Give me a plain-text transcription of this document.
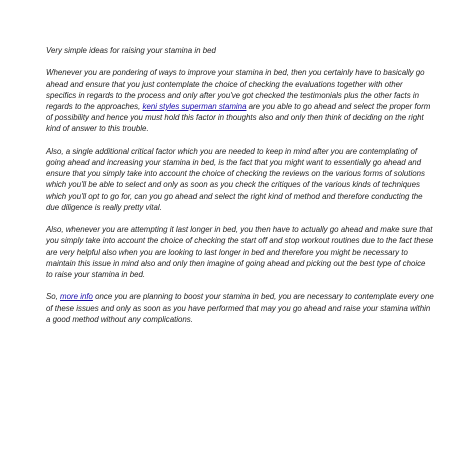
Very simple ideas for raising your stamina in bed

Whenever you are pondering of ways to improve your stamina in bed, then you certainly have to basically go ahead and ensure that you just contemplate the choice of checking the evaluations together with other specifics in regards to the process and only after you've got checked the testimonials plus the other facts in regards to the approaches, keni styles superman stamina are you able to go ahead and select the proper form of possibility and hence you must hold this factor in thoughts also and only then think of deciding on the right kind of answer to this trouble.

Also, a single additional critical factor which you are needed to keep in mind after you are contemplating of going ahead and increasing your stamina in bed, is the fact that you might want to essentially go ahead and ensure that you simply take into account the choice of checking the reviews on the various forms of solutions which you'll be able to select and only as soon as you check the critiques of the various kinds of techniques which you'll opt to go for, can you go ahead and select the right kind of method and therefore conducting the due diligence is really pretty vital.

Also, whenever you are attempting it last longer in bed, you then have to actually go ahead and make sure that you simply take into account the choice of checking the start off and stop workout routines due to the fact these are very helpful also when you are looking to last longer in bed and therefore you might be necessary to maintain this issue in mind also and only then imagine of going ahead and picking out the best type of choice to raise your stamina in bed.

So, more info once you are planning to boost your stamina in bed, you are necessary to contemplate every one of these issues and only as soon as you have performed that may you go ahead and raise your stamina within a good method without any complications.
